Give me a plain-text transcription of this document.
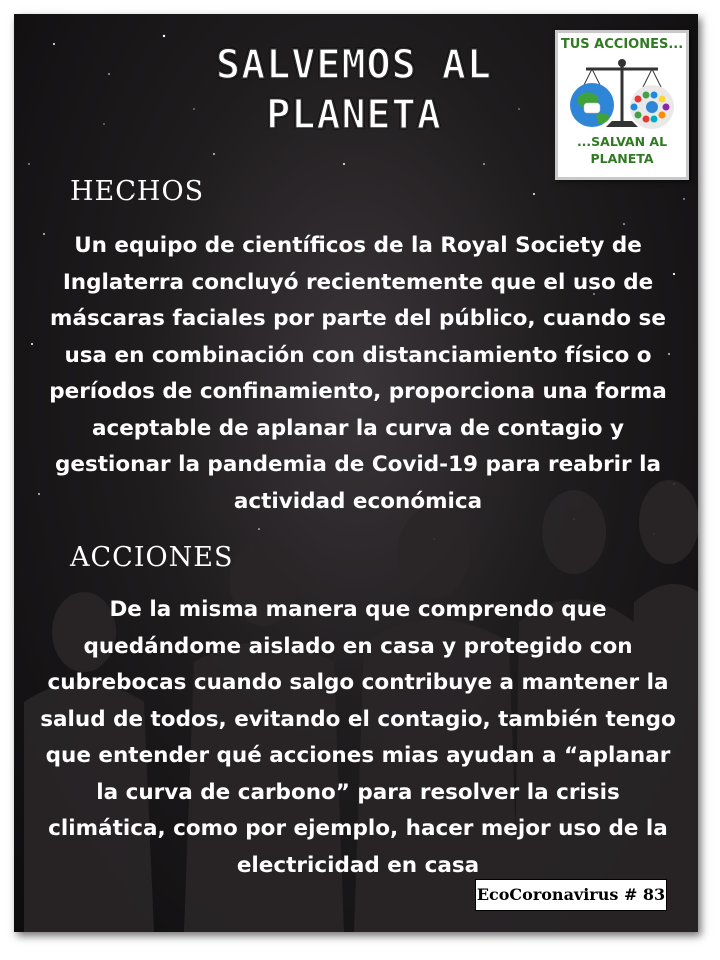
SALVEMOS AL
PLANETA
TUS ACCIONES...
...SALVAN AL
PLANETA
HECHOS
Un equipo de científicos de la Royal Society de Inglaterra concluyó recientemente que el uso de máscaras faciales por parte del público, cuando se usa en combinación con distanciamiento físico o períodos de confinamiento, proporciona una forma aceptable de aplanar la curva de contagio y gestionar la pandemia de Covid-19 para reabrir la actividad económica
ACCIONES
De la misma manera que comprendo que quedándome aislado en casa y protegido con cubrebocas cuando salgo contribuye a mantener la salud de todos, evitando el contagio, también tengo que entender qué acciones mias ayudan a “aplanar la curva de carbono” para resolver la crisis climática, como por ejemplo, hacer mejor uso de la electricidad en casa
EcoCoronavirus # 83
